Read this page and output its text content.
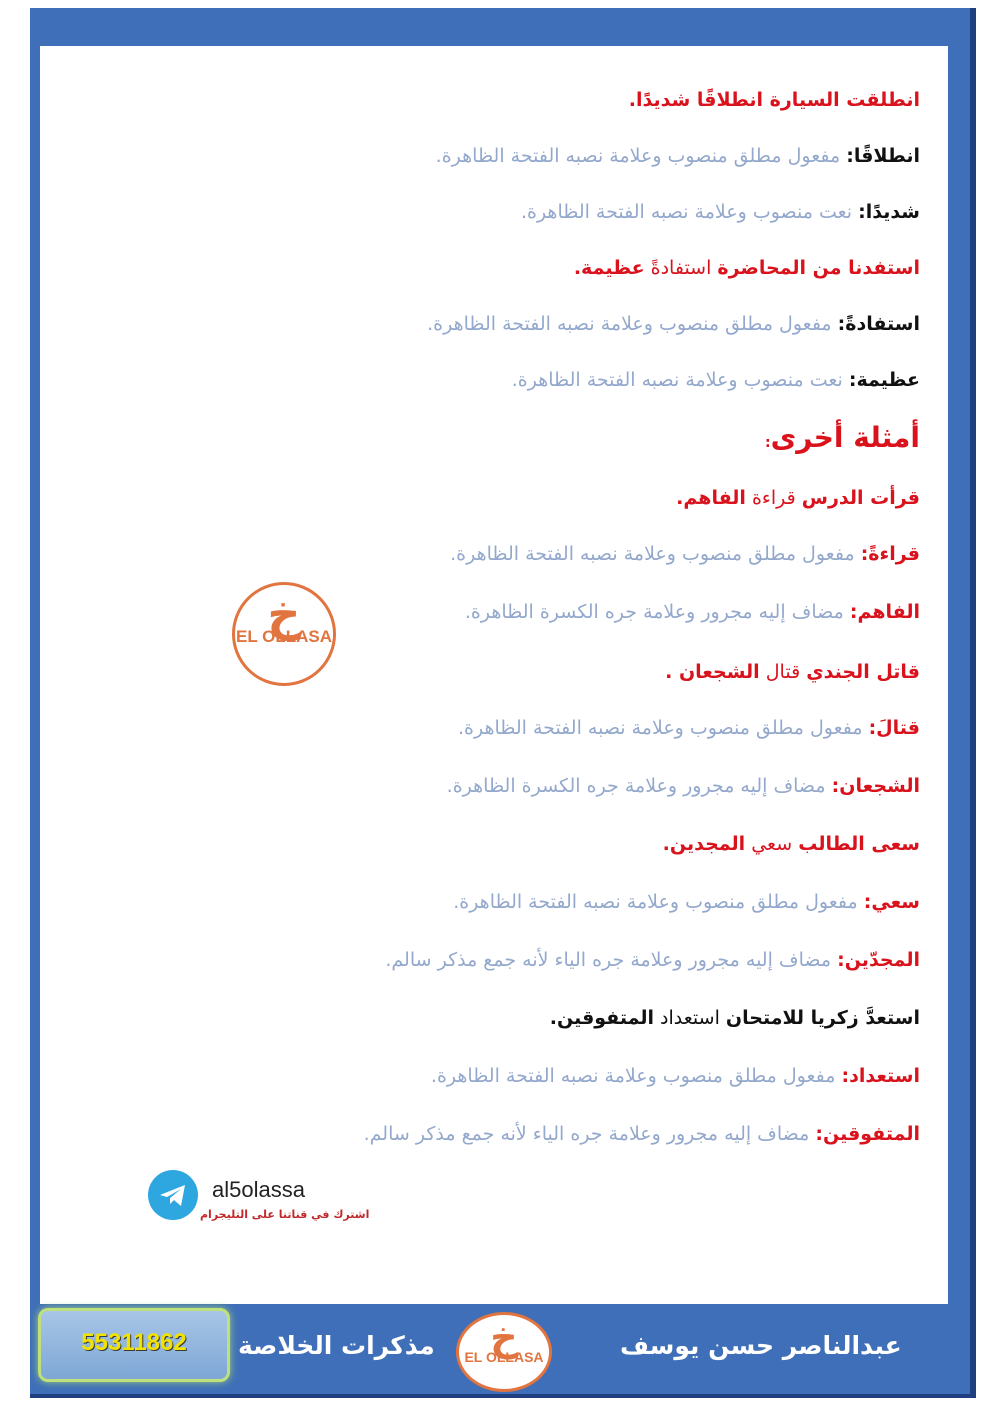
انطلقت السيارة انطلاقًا شديدًا.
انطلاقًا: مفعول مطلق منصوب وعلامة نصبه الفتحة الظاهرة.
شديدًا: نعت منصوب وعلامة نصبه الفتحة الظاهرة.
استفدنا من المحاضرة استفادةً عظيمة.
استفادةً: مفعول مطلق منصوب وعلامة نصبه الفتحة الظاهرة.
عظيمة: نعت منصوب وعلامة نصبه الفتحة الظاهرة.
أمثلة أخرى:
قرأت الدرس قراءة الفاهم.
قراءةً: مفعول مطلق منصوب وعلامة نصبه الفتحة الظاهرة.
الفاهم: مضاف إليه مجرور وعلامة جره الكسرة الظاهرة.
قاتل الجندي قتال الشجعان .
قتالَ: مفعول مطلق منصوب وعلامة نصبه الفتحة الظاهرة.
الشجعان: مضاف إليه مجرور وعلامة جره الكسرة الظاهرة.
سعى الطالب سعي المجدين.
سعي: مفعول مطلق منصوب وعلامة نصبه الفتحة الظاهرة.
المجدّين: مضاف إليه مجرور وعلامة جره الياء لأنه جمع مذكر سالم.
استعدَّ زكريا للامتحان استعداد المتفوقين.
استعداد: مفعول مطلق منصوب وعلامة نصبه الفتحة الظاهرة.
المتفوقين: مضاف إليه مجرور وعلامة جره الياء لأنه جمع مذكر سالم.
خ
EL OLLASA
al5olassa
اشترك في قناتنا على التليجرام
55311862	مذكرات الخلاصة	خ
EL OLLASA	عبدالناصر حسن يوسف
